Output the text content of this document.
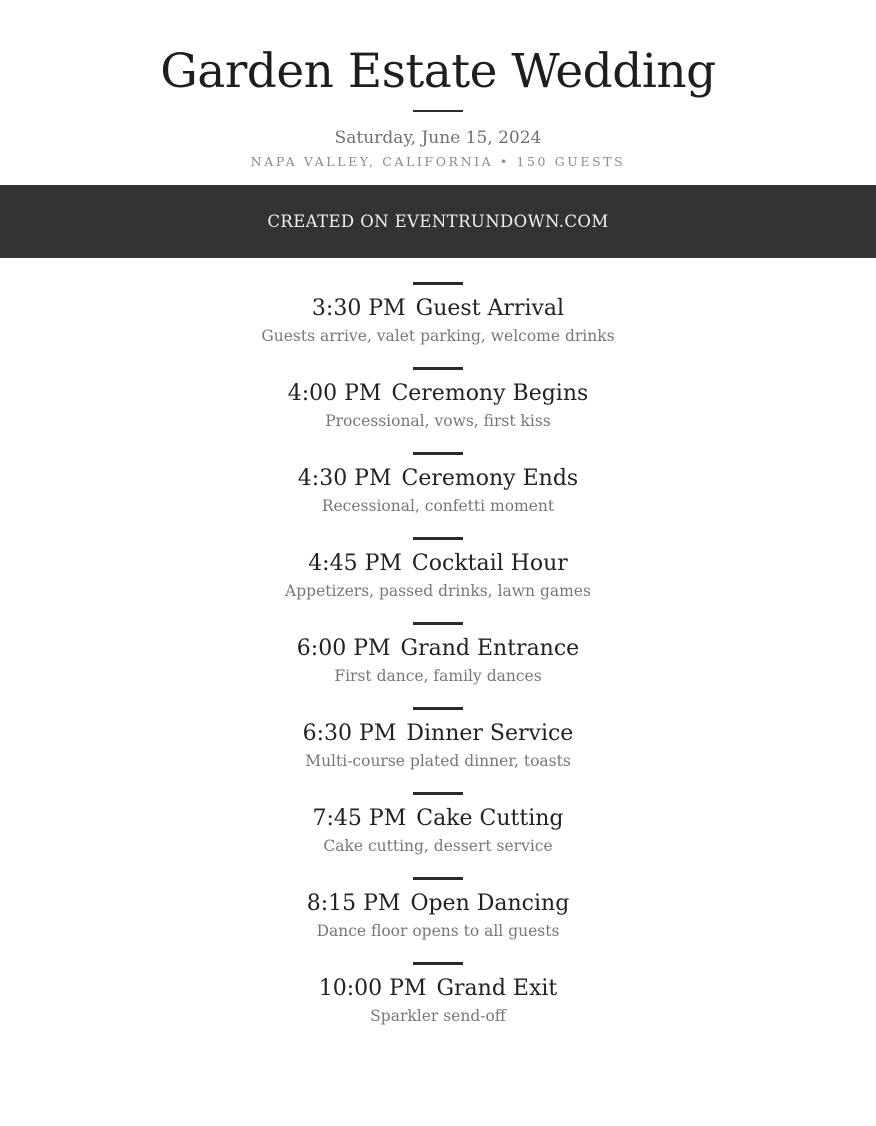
Garden Estate Wedding
Saturday, June 15, 2024
NAPA VALLEY, CALIFORNIA • 150 GUESTS
CREATED ON EVENTRUNDOWN.COM
3:30 PM Guest Arrival
Guests arrive, valet parking, welcome drinks
4:00 PM Ceremony Begins
Processional, vows, first kiss
4:30 PM Ceremony Ends
Recessional, confetti moment
4:45 PM Cocktail Hour
Appetizers, passed drinks, lawn games
6:00 PM Grand Entrance
First dance, family dances
6:30 PM Dinner Service
Multi-course plated dinner, toasts
7:45 PM Cake Cutting
Cake cutting, dessert service
8:15 PM Open Dancing
Dance floor opens to all guests
10:00 PM Grand Exit
Sparkler send-off
